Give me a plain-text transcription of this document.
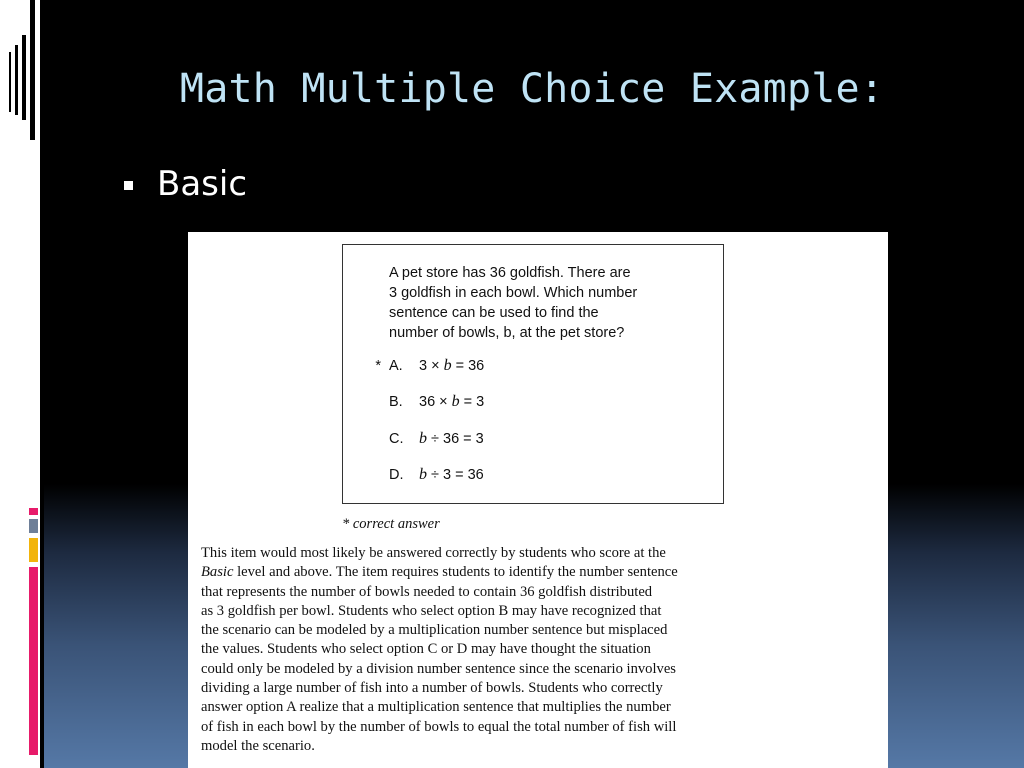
Math Multiple Choice Example:
Basic
A pet store has 36 goldfish. There are
3 goldfish in each bowl. Which number
sentence can be used to find the
number of bowls, b, at the pet store?
* A. 3 × b = 36
B. 36 × b = 3
C. b ÷ 36 = 3
D. b ÷ 3 = 36
* correct answer
This item would most likely be answered correctly by students who score at the
Basic level and above. The item requires students to identify the number sentence
that represents the number of bowls needed to contain 36 goldfish distributed
as 3 goldfish per bowl. Students who select option B may have recognized that
the scenario can be modeled by a multiplication number sentence but misplaced
the values. Students who select option C or D may have thought the situation
could only be modeled by a division number sentence since the scenario involves
dividing a large number of fish into a number of bowls. Students who correctly
answer option A realize that a multiplication sentence that multiplies the number
of fish in each bowl by the number of bowls to equal the total number of fish will
model the scenario.
